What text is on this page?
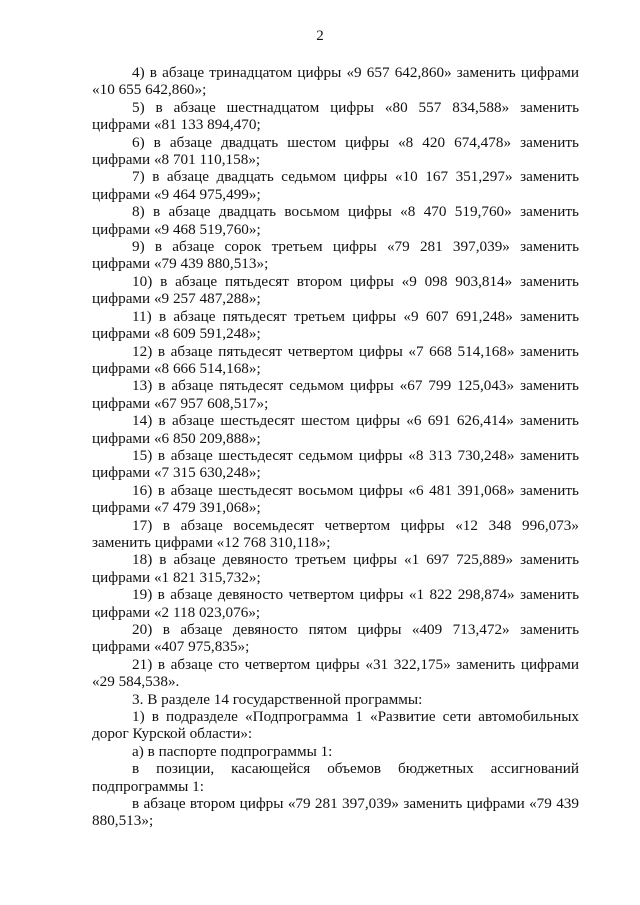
2

4) в абзаце тринадцатом цифры «9 657 642,860» заменить цифрами «10 655 642,860»;

5) в абзаце шестнадцатом цифры «80 557 834,588» заменить цифрами «81 133 894,470;

6) в абзаце двадцать шестом цифры «8 420 674,478» заменить цифрами «8 701 110,158»;

7) в абзаце двадцать седьмом цифры «10 167 351,297» заменить цифрами «9 464 975,499»;

8) в абзаце двадцать восьмом цифры «8 470 519,760» заменить цифрами «9 468 519,760»;

9) в абзаце сорок третьем цифры «79 281 397,039» заменить цифрами «79 439 880,513»;

10) в абзаце пятьдесят втором цифры «9 098 903,814» заменить цифрами «9 257 487,288»;

11) в абзаце пятьдесят третьем цифры «9 607 691,248» заменить цифрами «8 609 591,248»;

12) в абзаце пятьдесят четвертом цифры «7 668 514,168» заменить цифрами «8 666 514,168»;

13) в абзаце пятьдесят седьмом цифры «67 799 125,043» заменить цифрами «67 957 608,517»;

14) в абзаце шестьдесят шестом цифры «6 691 626,414» заменить цифрами «6 850 209,888»;

15) в абзаце шестьдесят седьмом цифры «8 313 730,248» заменить цифрами «7 315 630,248»;

16) в абзаце шестьдесят восьмом цифры «6 481 391,068» заменить цифрами «7 479 391,068»;

17) в абзаце восемьдесят четвертом цифры «12 348 996,073» заменить цифрами «12 768 310,118»;

18) в абзаце девяносто третьем цифры «1 697 725,889» заменить цифрами «1 821 315,732»;

19) в абзаце девяносто четвертом цифры «1 822 298,874» заменить цифрами «2 118 023,076»;

20) в абзаце девяносто пятом цифры «409 713,472» заменить цифрами «407 975,835»;

21) в абзаце сто четвертом цифры «31 322,175» заменить цифрами «29 584,538».

3. В разделе 14 государственной программы:

1) в подразделе «Подпрограмма 1 «Развитие сети автомобильных дорог Курской области»:

а) в паспорте подпрограммы 1:

в позиции, касающейся объемов бюджетных ассигнований подпрограммы 1:

в абзаце втором цифры «79 281 397,039» заменить цифрами «79 439 880,513»;
